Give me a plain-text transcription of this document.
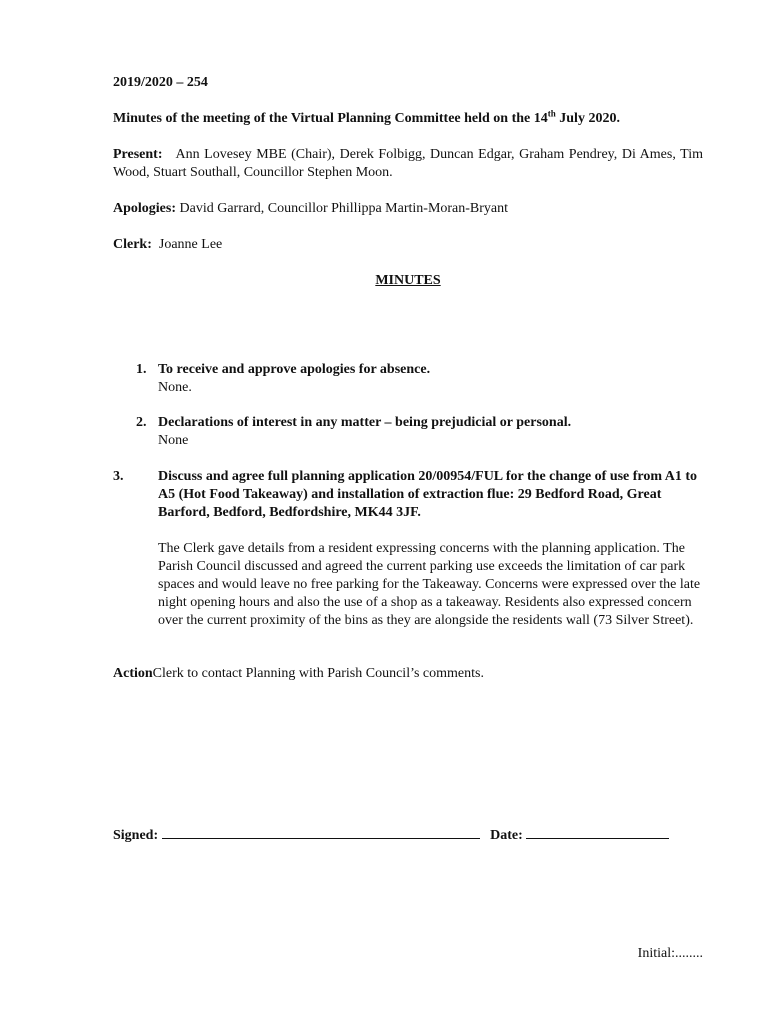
2019/2020 – 254
Minutes of the meeting of the Virtual Planning Committee held on the 14th July 2020.
Present: Ann Lovesey MBE (Chair), Derek Folbigg, Duncan Edgar, Graham Pendrey, Di Ames, Tim Wood, Stuart Southall, Councillor Stephen Moon.
Apologies: David Garrard, Councillor Phillippa Martin-Moran-Bryant
Clerk: Joanne Lee
MINUTES
1. To receive and approve apologies for absence.
None.
2. Declarations of interest in any matter – being prejudicial or personal.
None
3. Discuss and agree full planning application 20/00954/FUL for the change of use from A1 to A5 (Hot Food Takeaway) and installation of extraction flue: 29 Bedford Road, Great Barford, Bedford, Bedfordshire, MK44 3JF.
The Clerk gave details from a resident expressing concerns with the planning application. The Parish Council discussed and agreed the current parking use exceeds the limitation of car park spaces and would leave no free parking for the Takeaway. Concerns were expressed over the late night opening hours and also the use of a shop as a takeaway. Residents also expressed concern over the current proximity of the bins as they are alongside the residents wall (73 Silver Street).
ActionClerk to contact Planning with Parish Council’s comments.
Signed:	Date:
Initial:........
